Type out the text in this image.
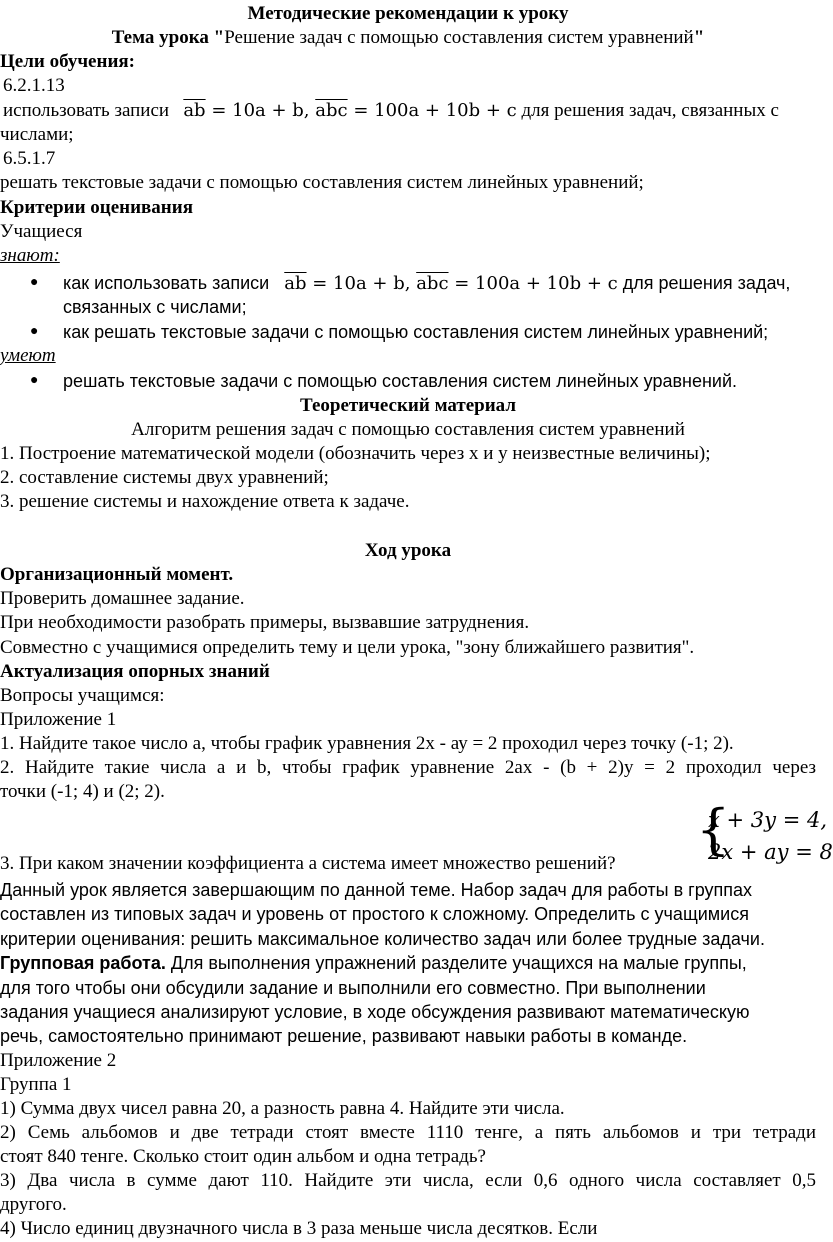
Методические рекомендации к уроку
Тема урока "Решение задач с помощью составления систем уравнений"
Цели обучения:
6.2.1.13
использовать записи $\overline{ab} = 10a + b$, $\overline{abc} = 100a + 10b + c$ для решения задач, связанных с
числами;
6.5.1.7
решать текстовые задачи с помощью составления систем линейных уравнений;
Критерии оценивания
Учащиеся
знают:
● как использовать записи $\overline{ab} = 10a + b$, $\overline{abc} = 100a + 10b + c$ для решения задач,
связанных с числами;
● как решать текстовые задачи с помощью составления систем линейных уравнений;
умеют
● решать текстовые задачи с помощью составления систем линейных уравнений.
Теоретический материал
Алгоритм решения задач с помощью составления систем уравнений
1. Построение математической модели (обозначить через х и у неизвестные величины);
2. составление системы двух уравнений;
3. решение системы и нахождение ответа к задаче.
Ход урока
Организационный момент.
Проверить домашнее задание.
При необходимости разобрать примеры, вызвавшие затруднения.
Совместно с учащимися определить тему и цели урока, "зону ближайшего развития".
Актуализация опорных знаний
Вопросы учащимся:
Приложение 1
1. Найдите такое число а, чтобы график уравнения 2х - ау = 2 проходил через точку (-1; 2).
2. Найдите такие числа а и b, чтобы график уравнение 2ах - (b + 2)у = 2 проходил через
точки (-1; 4) и (2; 2).
{
x + 3y = 4,
2x + ay = 8
3. При каком значении коэффициента а система имеет множество решений?
Данный урок является завершающим по данной теме. Набор задач для работы в группах
составлен из типовых задач и уровень от простого к сложному. Определить с учащимися
критерии оценивания: решить максимальное количество задач или более трудные задачи.
Групповая работа. Для выполнения упражнений разделите учащихся на малые группы,
для того чтобы они обсудили задание и выполнили его совместно. При выполнении
задания учащиеся анализируют условие, в ходе обсуждения развивают математическую
речь, самостоятельно принимают решение, развивают навыки работы в команде.
Приложение 2
Группа 1
1) Сумма двух чисел равна 20, а разность равна 4. Найдите эти числа.
2) Семь альбомов и две тетради стоят вместе 1110 тенге, а пять альбомов и три тетради
стоят 840 тенге. Сколько стоит один альбом и одна тетрадь?
3) Два числа в сумме дают 110. Найдите эти числа, если 0,6 одного числа составляет 0,5
другого.
4) Число единиц двузначного числа в 3 раза меньше числа десятков. Если
